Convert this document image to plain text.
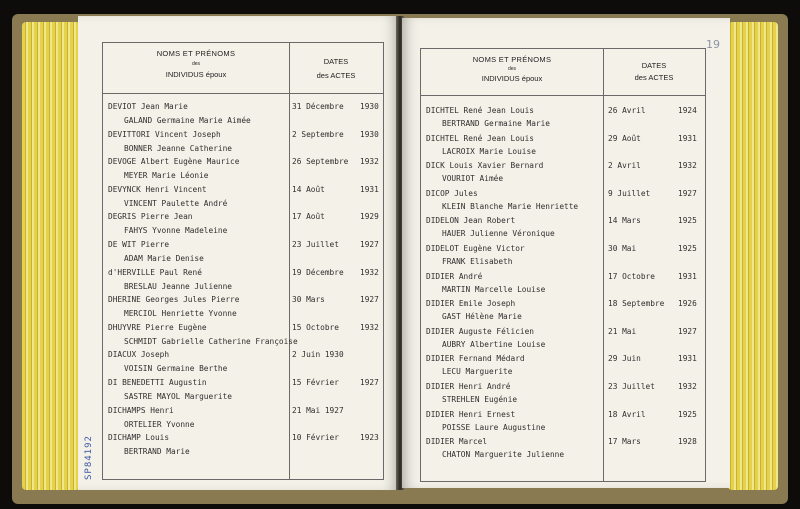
NOMS ET PRÉNOMS
des
INDIVIDUS époux
DATES
des ACTES
DEVIOT Jean Marie
GALAND Germaine Marie Aimée
31 Décembre 1930
DEVITTORI Vincent Joseph
BONNER Jeanne Catherine
2 Septembre 1930
DEVOGE Albert Eugène Maurice
MEYER Marie Léonie
26 Septembre 1932
DEVYNCK Henri Vincent
VINCENT Paulette André
14 Août	1931
DEGRIS Pierre Jean
FAHYS Yvonne Madeleine
17 Août	1929
DE WIT Pierre
ADAM Marie Denise
23 Juillet	1927
d'HERVILLE Paul René
BRESLAU Jeanne Julienne
19 Décembre 1932
DHERINE Georges Jules Pierre
MERCIOL Henriette Yvonne
30 Mars	1927
DHUYVRE Pierre Eugène
SCHMIDT Gabrielle Catherine Françoise
15 Octobre	1932
DIACUX Joseph
VOISIN Germaine Berthe
2 Juin 1930
DI BENEDETTI Augustin
SASTRE MAYOL Marguerite
15 Février	1927
DICHAMPS Henri
ORTELIER Yvonne
21 Mai 1927
DICHAMP Louis
BERTRAND Marie
10 Février	1923
NOMS ET PRÉNOMS
des
INDIVIDUS époux
DATES
des ACTES
DICHTEL René Jean Louis
BERTRAND Germaine Marie
26 Avril	1924
DICHTEL René Jean Louis
LACROIX Marie Louise
29 Août	1931
DICK Louis Xavier Bernard
VOURIOT Aimée
2 Avril	1932
DICOP Jules
KLEIN Blanche Marie Henriette
9 Juillet	1927
DIDELON Jean Robert
HAUER Julienne Véronique
14 Mars	1925
DIDELOT Eugène Victor
FRANK Elisabeth
30 Mai	1925
DIDIER André
MARTIN Marcelle Louise
17 Octobre	1931
DIDIER Emile Joseph
GAST Hélène Marie
18 Septembre 1926
DIDIER Auguste Félicien
AUBRY Albertine Louise
21 Mai	1927
DIDIER Fernand Médard
LECU Marguerite
29 Juin	1931
DIDIER Henri André
STREHLEN Eugénie
23 Juillet	1932
DIDIER Henri Ernest
POISSE Laure Augustine
18 Avril	1925
DIDIER Marcel
CHATON Marguerite Julienne
17 Mars	1928
SP84192
19
